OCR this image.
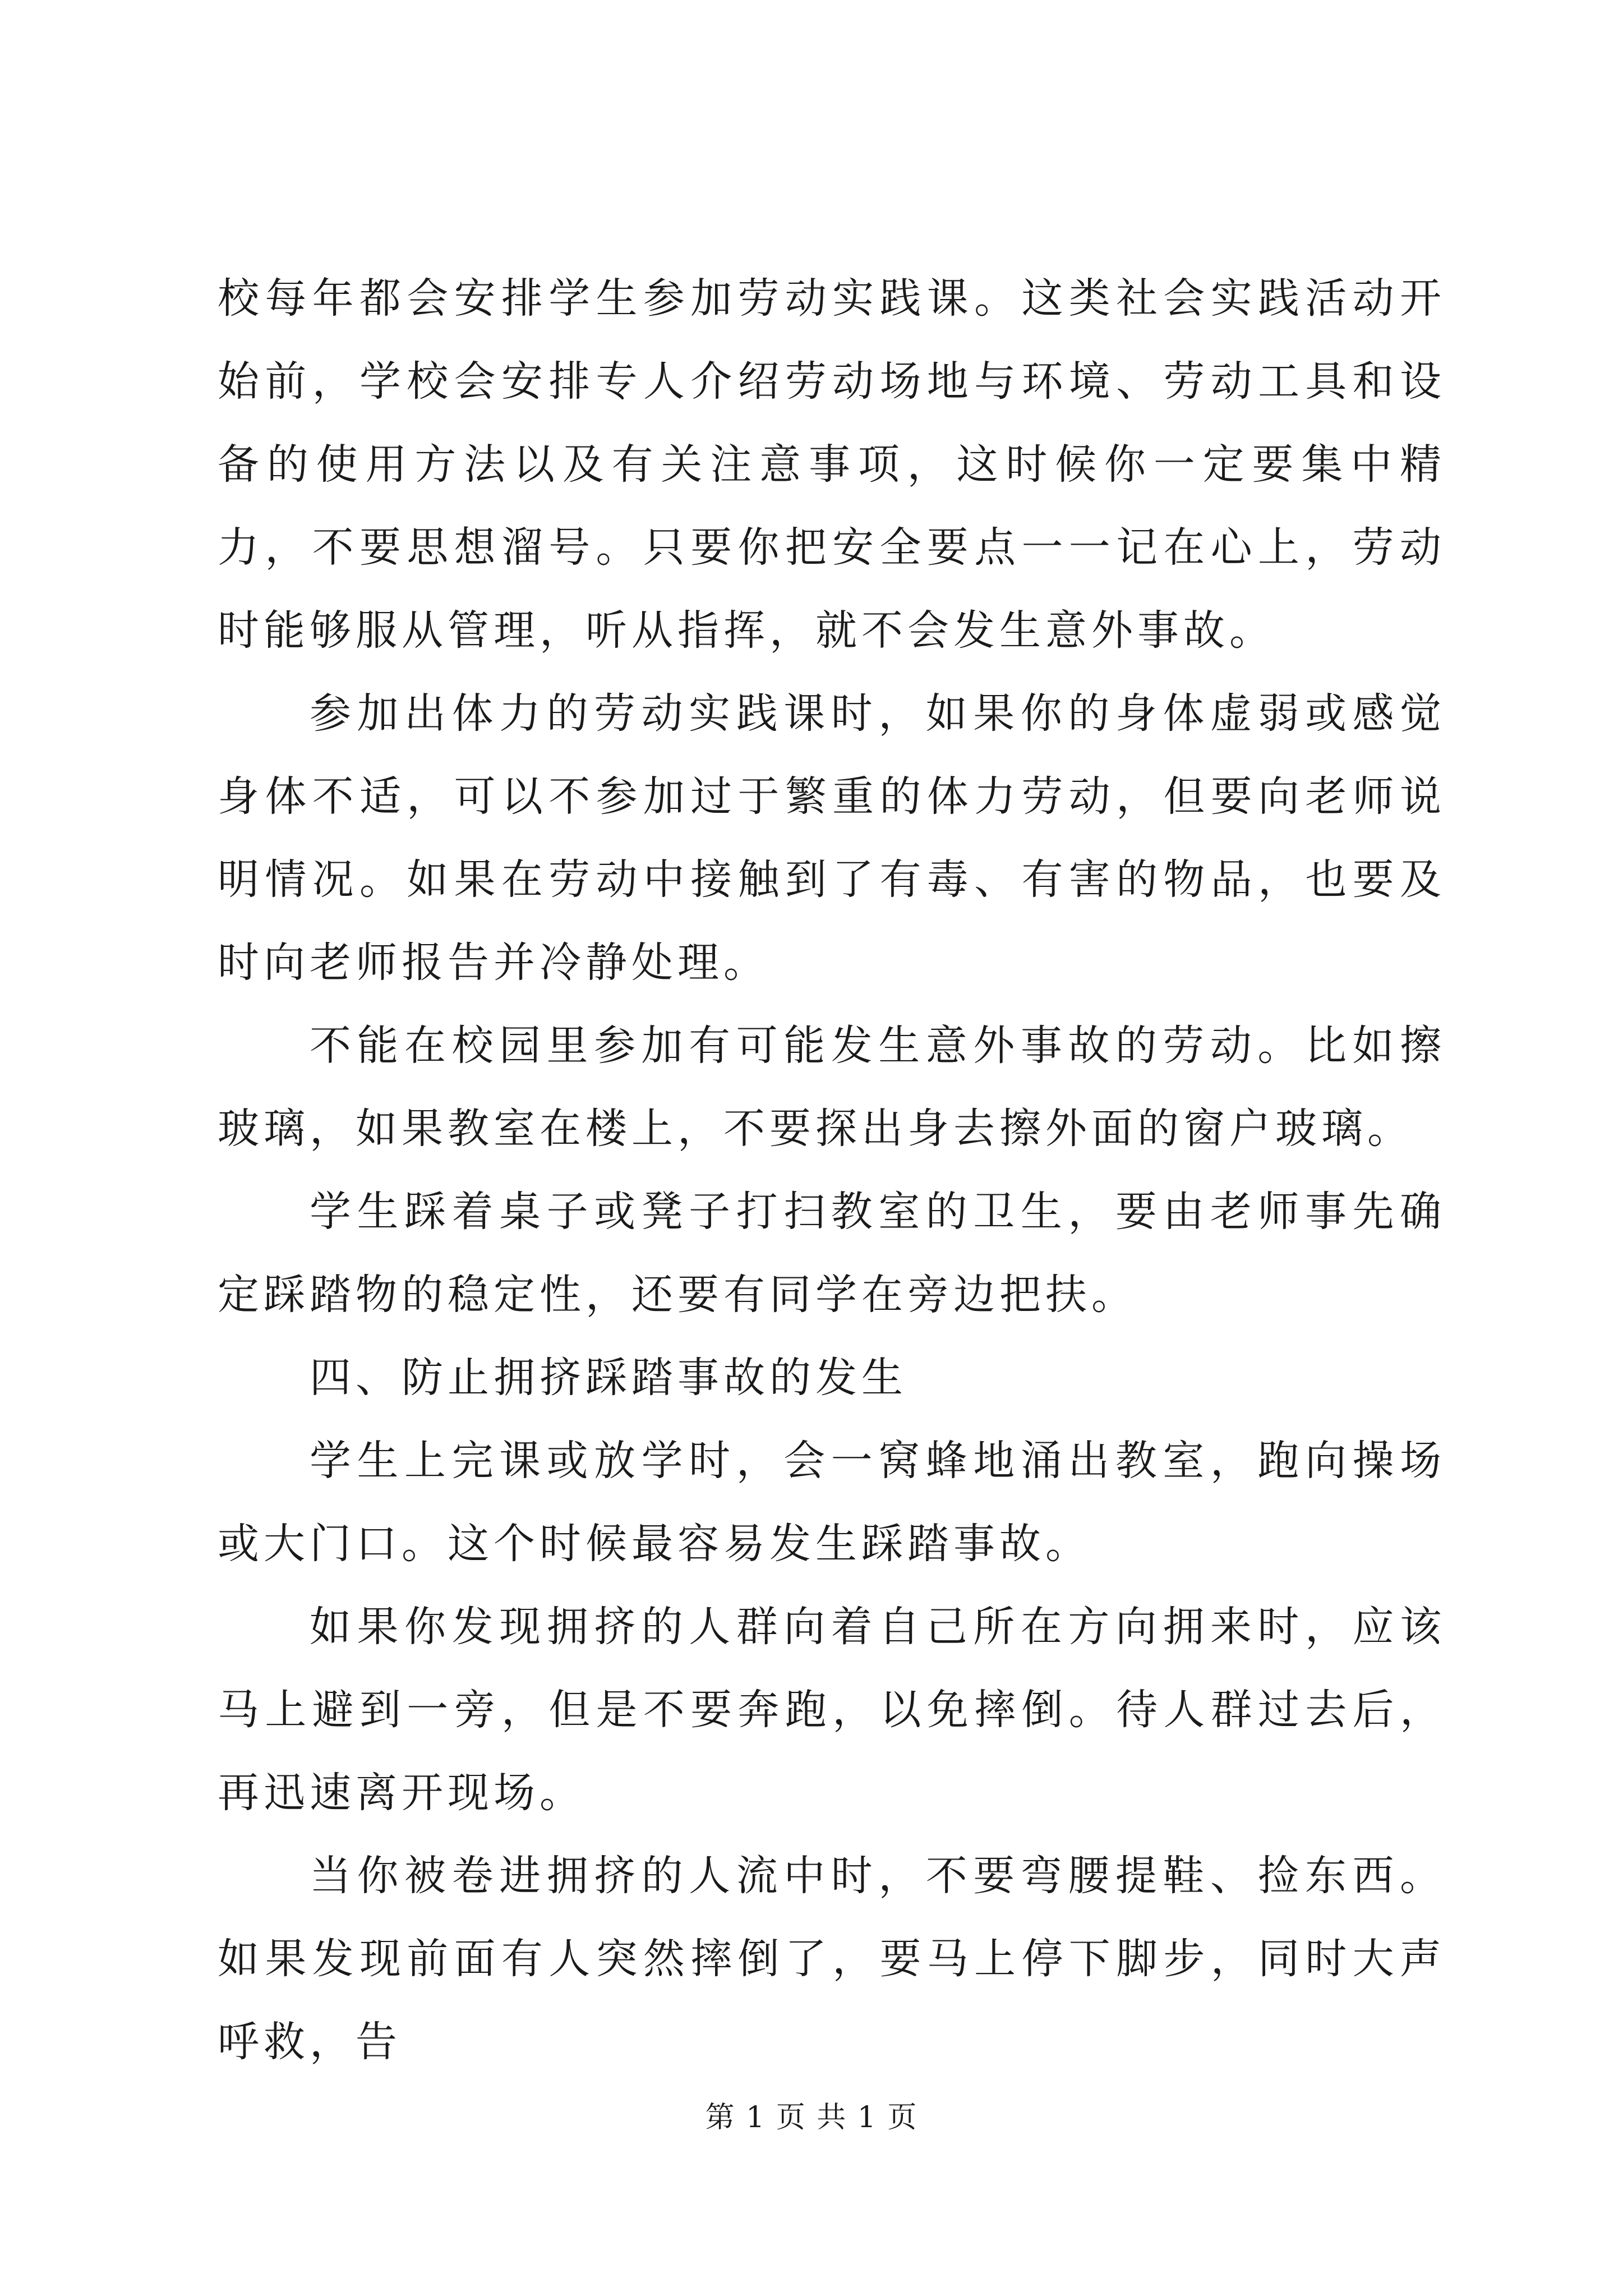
校每年都会安排学生参加劳动实践课。这类社会实践活动开始前，学校会安排专人介绍劳动场地与环境、劳动工具和设备的使用方法以及有关注意事项，这时候你一定要集中精力，不要思想溜号。只要你把安全要点一一记在心上，劳动时能够服从管理，听从指挥，就不会发生意外事故。

参加出体力的劳动实践课时，如果你的身体虚弱或感觉身体不适，可以不参加过于繁重的体力劳动，但要向老师说明情况。如果在劳动中接触到了有毒、有害的物品，也要及时向老师报告并冷静处理。

不能在校园里参加有可能发生意外事故的劳动。比如擦玻璃，如果教室在楼上，不要探出身去擦外面的窗户玻璃。

学生踩着桌子或凳子打扫教室的卫生，要由老师事先确定踩踏物的稳定性，还要有同学在旁边把扶。

四、防止拥挤踩踏事故的发生

学生上完课或放学时，会一窝蜂地涌出教室，跑向操场或大门口。这个时候最容易发生踩踏事故。

如果你发现拥挤的人群向着自己所在方向拥来时，应该马上避到一旁，但是不要奔跑，以免摔倒。待人群过去后，再迅速离开现场。

当你被卷进拥挤的人流中时，不要弯腰提鞋、捡东西。如果发现前面有人突然摔倒了，要马上停下脚步，同时大声呼救，告

第 1 页 共 1 页
